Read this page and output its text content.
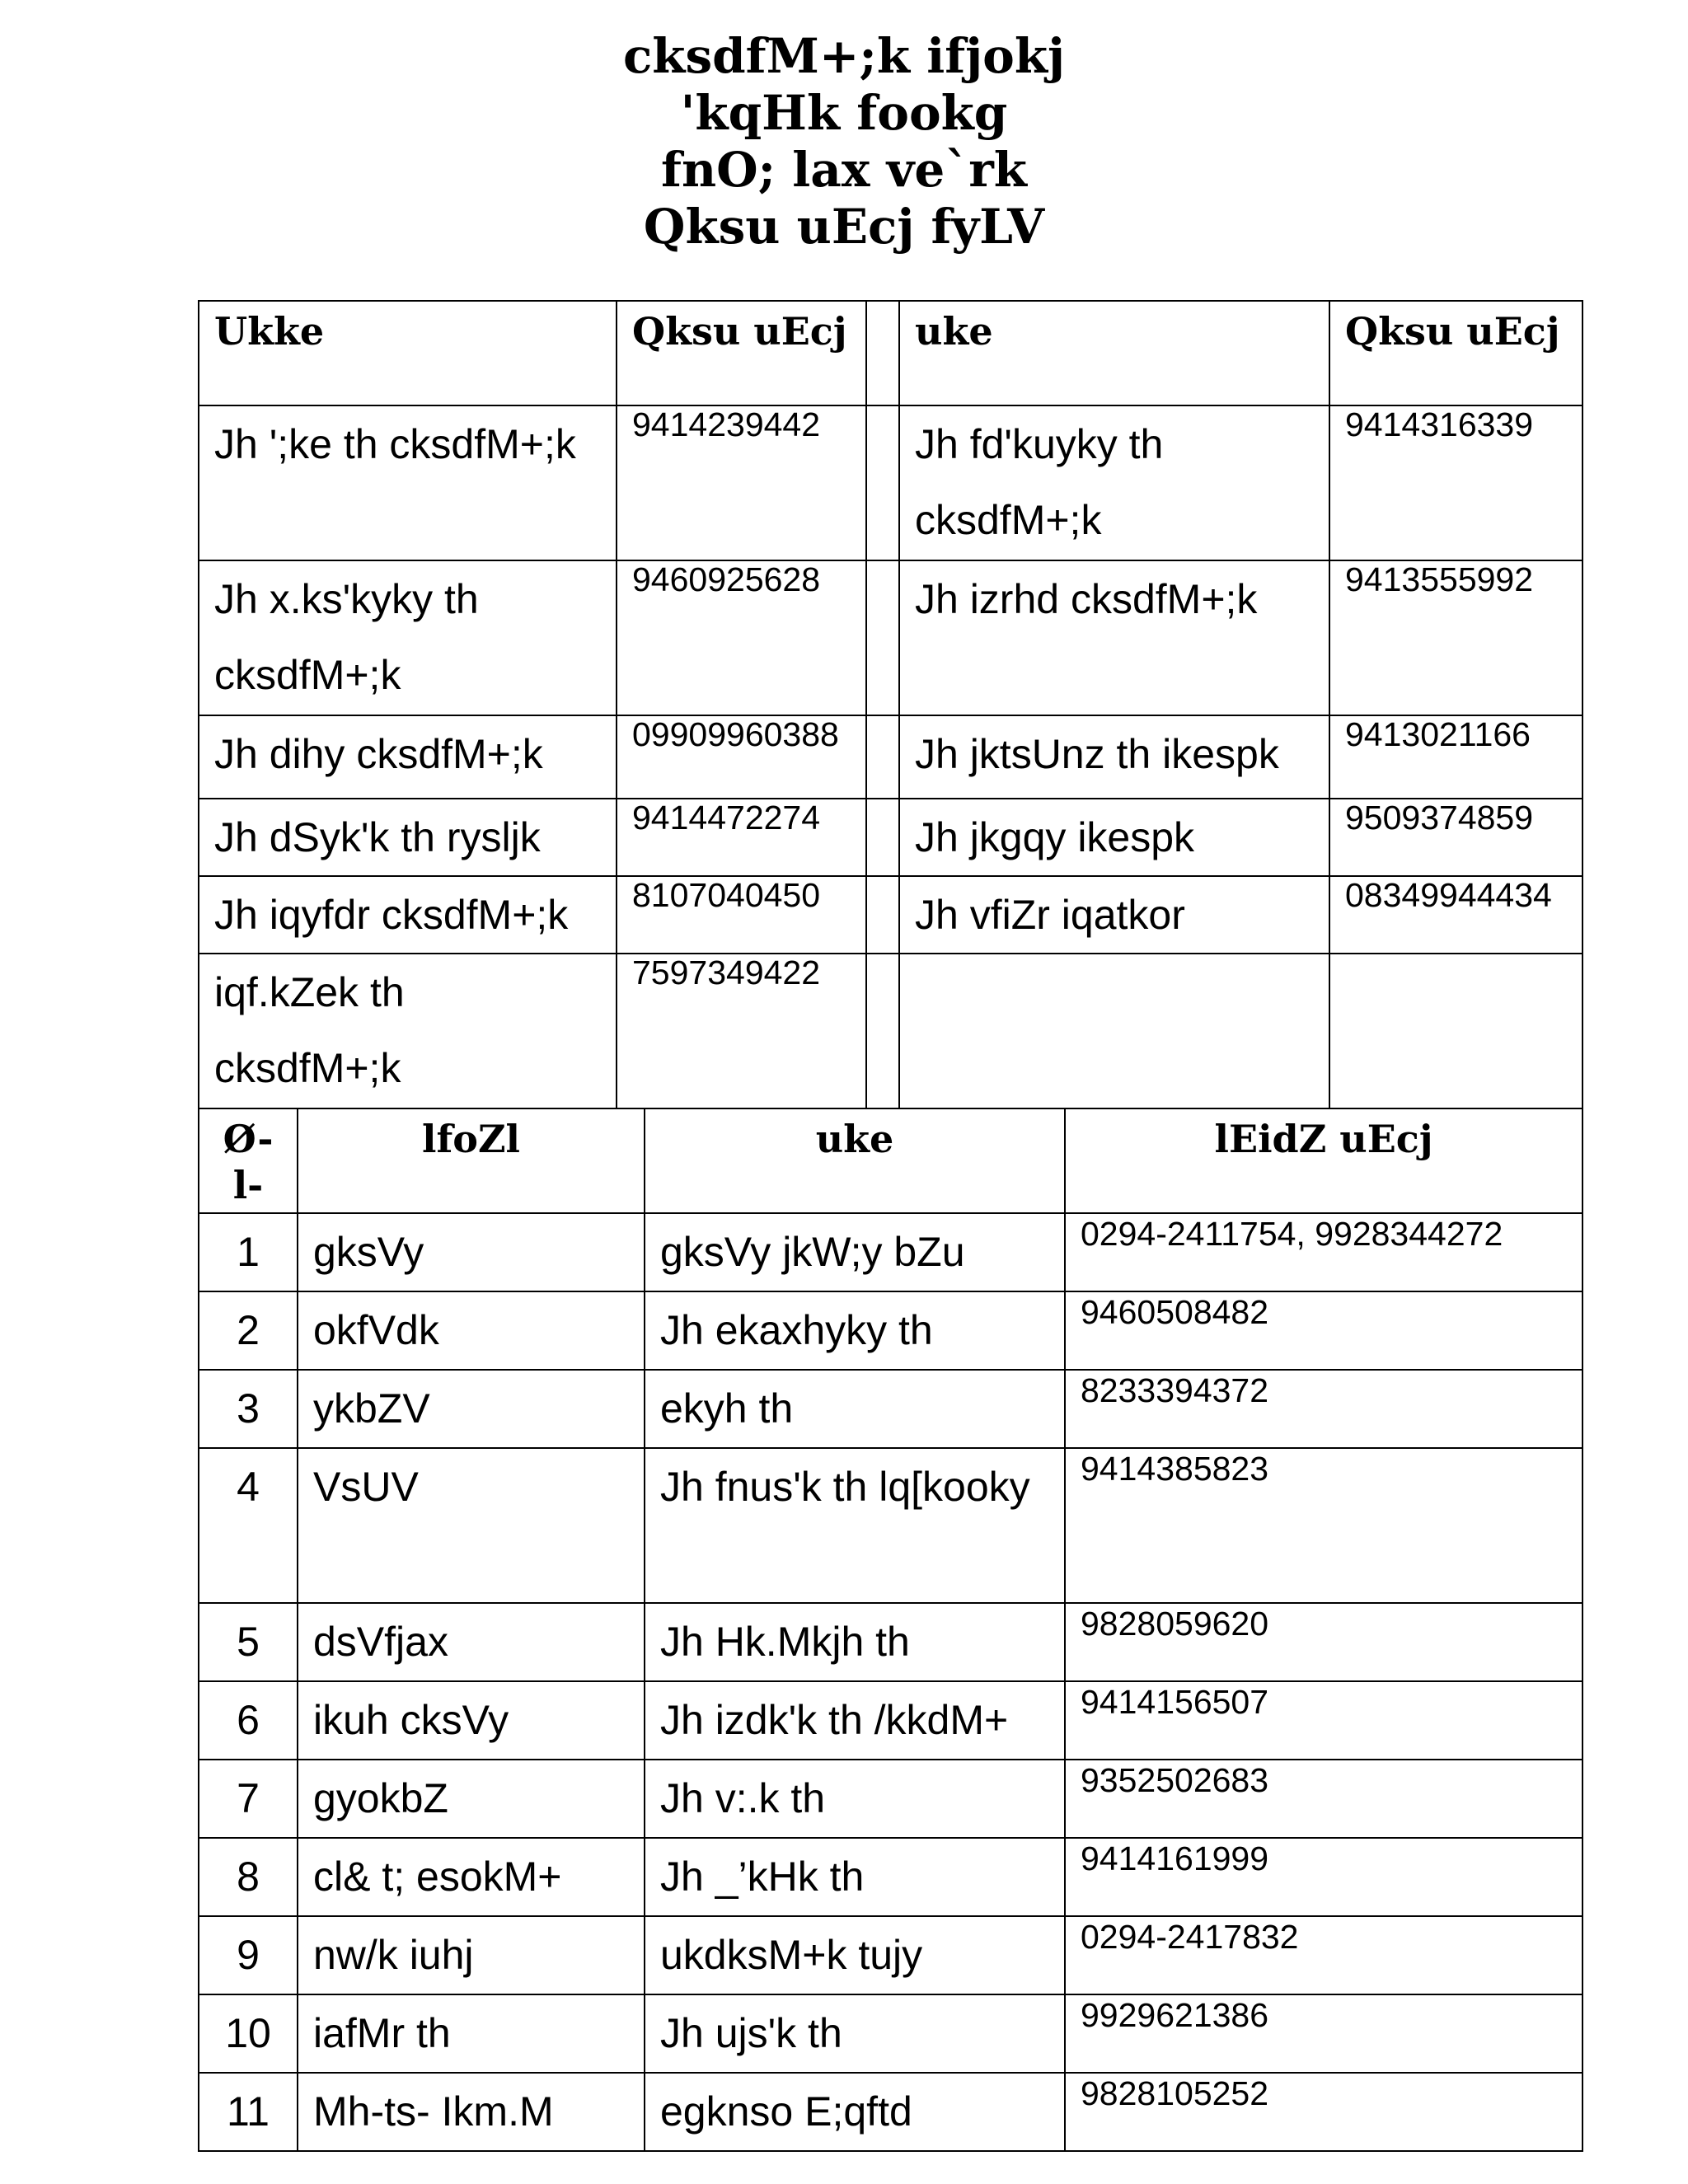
cksdfM+;k ifjokj
'kqHk fookg
fnO; lax ve`rk
Qksu uEcj fyLV
Ukke	Qksu uEcj		uke	Qksu uEcj
Jh ';ke th cksdfM+;k	9414239442		Jh fd'kuyky th cksdfM+;k	9414316339
Jh x.ks'kyky th cksdfM+;k	9460925628		Jh izrhd cksdfM+;k	9413555992
Jh dihy cksdfM+;k	09909960388		Jh jktsUnz th ikespk	9413021166
Jh dSyk'k th rysljk	9414472274		Jh jkgqy ikespk	9509374859
Jh iqyfdr cksdfM+;k	8107040450		Jh vfiZr iqatkor	08349944434
iqf.kZek th cksdfM+;k	7597349422			
Ø- l-	lfoZl	uke	lEidZ uEcj
1	gksVy	gksVy jkW;y bZu	0294-2411754, 9928344272
2	okfVdk	Jh ekaxhyky th	9460508482
3	ykbZV	ekyh th	8233394372
4	VsUV	Jh fnus'k th lq[kooky	9414385823
5	dsVfjax	Jh Hk.Mkjh th	9828059620
6	ikuh cksVy	Jh izdk'k th /kkdM+	9414156507
7	gyokbZ	Jh v:.k th	9352502683
8	cl& t; esokM+	Jh _’kHk th	9414161999
9	nw/k iuhj	ukdksM+k tujy	0294-2417832
10	iafMr th	Jh ujs'k th	9929621386
11	Mh-ts- Ikm.M	egknso E;qftd	9828105252
